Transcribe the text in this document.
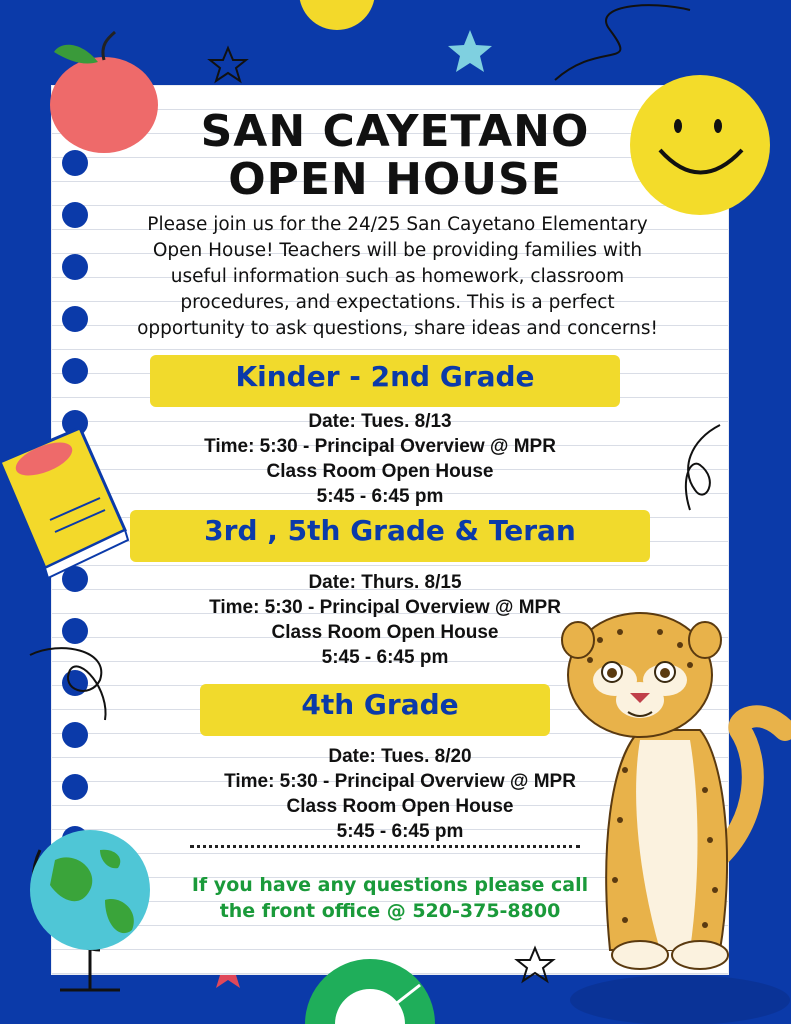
SAN CAYETANO
OPEN HOUSE
Please join us for the 24/25 San Cayetano Elementary
Open House! Teachers will be providing families with
useful information such as homework, classroom
procedures, and expectations. This is a perfect
opportunity to ask questions, share ideas and concerns!
Kinder - 2nd Grade
Date: Tues. 8/13
Time: 5:30 - Principal Overview @ MPR
Class Room Open House
5:45 - 6:45 pm
3rd , 5th Grade & Teran
Date: Thurs. 8/15
Time: 5:30 - Principal Overview @ MPR
Class Room Open House
5:45 - 6:45 pm
4th Grade
Date: Tues. 8/20
Time: 5:30 - Principal Overview @ MPR
Class Room Open House
5:45 - 6:45 pm
If you have any questions please call
the front office @ 520-375-8800
